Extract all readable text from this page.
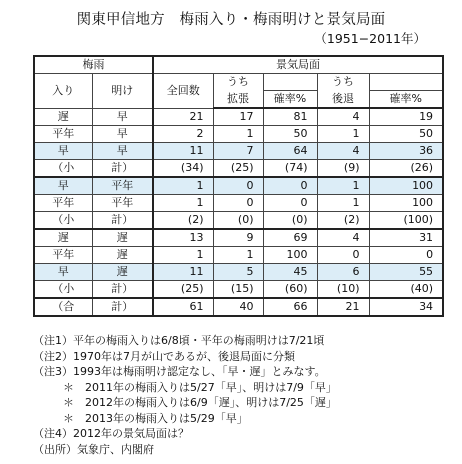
関東甲信地方　梅雨入り・梅雨明けと景気局面
（1951−2011年）
梅雨		景気局面				
入り	明け	全回数	うち		うち	
			拡張	確率%	後退	確率%
遅	早	21	17	81	4	19
平年	早	2	1	50	1	50
早	早	11	7	64	4	36
（小	計）	(34)	(25)	(74)	(9)	(26)
早	平年	1	0	0	1	100
平年	平年	1	0	0	1	100
（小	計）	(2)	(0)	(0)	(2)	(100)
遅	遅	13	9	69	4	31
平年	遅	1	1	100	0	0
早	遅	11	5	45	6	55
（小	計）	(25)	(15)	(60)	(10)	(40)
（合	計）	61	40	66	21	34
（注1）平年の梅雨入りは6/8頃・平年の梅雨明けは7/21頃
（注2）1970年は7月が山であるが、後退局面に分類
（注3）1993年は梅雨明け認定なし、「早・遅」とみなす。
＊　2011年の梅雨入りは5/27「早」、明けは7/9「早」
＊　2012年の梅雨入りは6/9「遅」、明けは7/25「遅」
＊　2013年の梅雨入りは5/29「早」
（注4）2012年の景気局面は？
（出所）気象庁、内閣府
